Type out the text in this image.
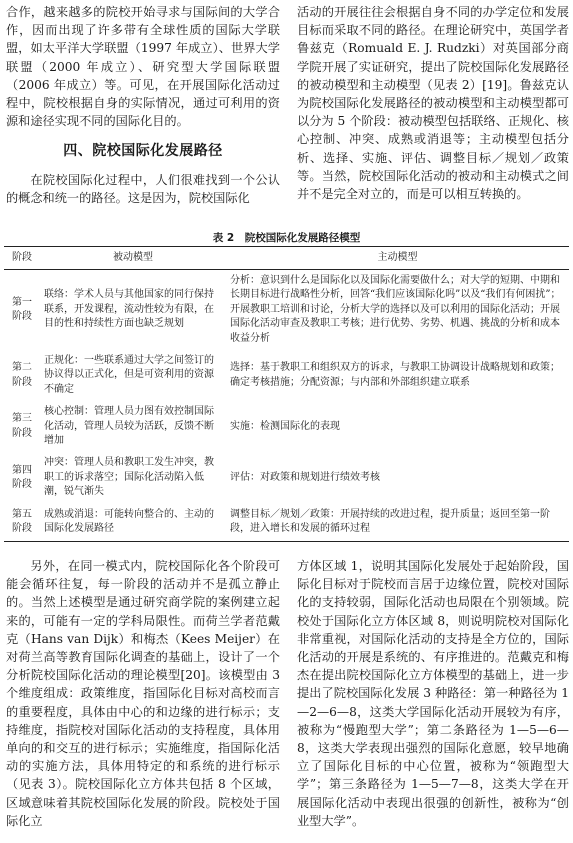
合作，越来越多的院校开始寻求与国际间的大学合作，因而出现了许多带有全球性质的国际大学联盟，如太平洋大学联盟（1997 年成立）、世界大学联盟（2000 年成立）、研究型大学国际联盟（2006 年成立）等。可见，在开展国际化活动过程中，院校根据自身的实际情况，通过可利用的资源和途径实现不同的国际化目的。

四、院校国际化发展路径

在院校国际化过程中，人们很难找到一个公认的概念和统一的路径。这是因为，院校国际化

活动的开展往往会根据自身不同的办学定位和发展目标而采取不同的路径。在理论研究中，英国学者鲁兹克（Romuald E. J. Rudzki）对英国部分商学院开展了实证研究，提出了院校国际化发展路径的被动模型和主动模型（见表 2）[19]。鲁兹克认为院校国际化发展路径的被动模型和主动模型都可以分为 5 个阶段：被动模型包括联络、正规化、核心控制、冲突、成熟或消退等；主动模型包括分析、选择、实施、评估、调整目标／规划／政策等。当然，院校国际化活动的被动和主动模式之间并不是完全对立的，而是可以相互转换的。

表 2　院校国际化发展路径模型
阶段	被动模型	主动模型
第一阶段	联络：学术人员与其他国家的同行保持联系，开发课程，流动性较为有限，在目的性和持续性方面也缺乏规划	分析：意识到什么是国际化以及国际化需要做什么；对大学的短期、中期和长期目标进行战略性分析，回答“我们应该国际化吗”以及“我们有何困扰”；开展教职工培训和讨论，分析大学的选择以及可以利用的国际化活动；开展国际化活动审查及教职工考核；进行优势、劣势、机遇、挑战的分析和成本收益分析
第二阶段	正规化：一些联系通过大学之间签订的协议得以正式化，但是可资利用的资源不确定	选择：基于教职工和组织双方的诉求，与教职工协调设计战略规划和政策；确定考核措施；分配资源；与内部和外部组织建立联系
第三阶段	核心控制：管理人员力图有效控制国际化活动，管理人员较为活跃，反馈不断增加	实施：检测国际化的表现
第四阶段	冲突：管理人员和教职工发生冲突，教职工的诉求落空；国际化活动陷入低潮，锐气渐失	评估：对政策和规划进行绩效考核
第五阶段	成熟或消退：可能转向整合的、主动的国际化发展路径	调整目标／规划／政策：开展持续的改进过程，提升质量；返回至第一阶段，进入增长和发展的循环过程

另外，在同一模式内，院校国际化各个阶段可能会循环往复，每一阶段的活动并不是孤立静止的。当然上述模型是通过研究商学院的案例建立起来的，可能有一定的学科局限性。而荷兰学者范戴克（Hans van Dijk）和梅杰（Kees Meijer）在对荷兰高等教育国际化调查的基础上，设计了一个分析院校国际化活动的理论模型[20]。该模型由 3 个维度组成：政策维度，指国际化目标对高校而言的重要程度，具体由中心的和边缘的进行标示；支持维度，指院校对国际化活动的支持程度，具体用单向的和交互的进行标示；实施维度，指国际化活动的实施方法，具体用特定的和系统的进行标示（见表 3）。院校国际化立方体共包括 8 个区域，区域意味着其院校国际化发展的阶段。院校处于国际化立

方体区域 1，说明其国际化发展处于起始阶段，国际化目标对于院校而言居于边缘位置，院校对国际化的支持较弱，国际化活动也局限在个别领域。院校处于国际化立方体区域 8，则说明院校对国际化非常重视，对国际化活动的支持是全方位的，国际化活动的开展是系统的、有序推进的。范戴克和梅杰在提出院校国际化立方体模型的基础上，进一步提出了院校国际化发展 3 种路径：第一种路径为 1—2—6—8，这类大学国际化活动开展较为有序，被称为“慢跑型大学”；第二条路径为 1—5—6—8，这类大学表现出强烈的国际化意愿，较早地确立了国际化目标的中心位置，被称为“领跑型大学”；第三条路径为 1—5—7—8，这类大学在开展国际化活动中表现出很强的创新性，被称为“创业型大学”。
